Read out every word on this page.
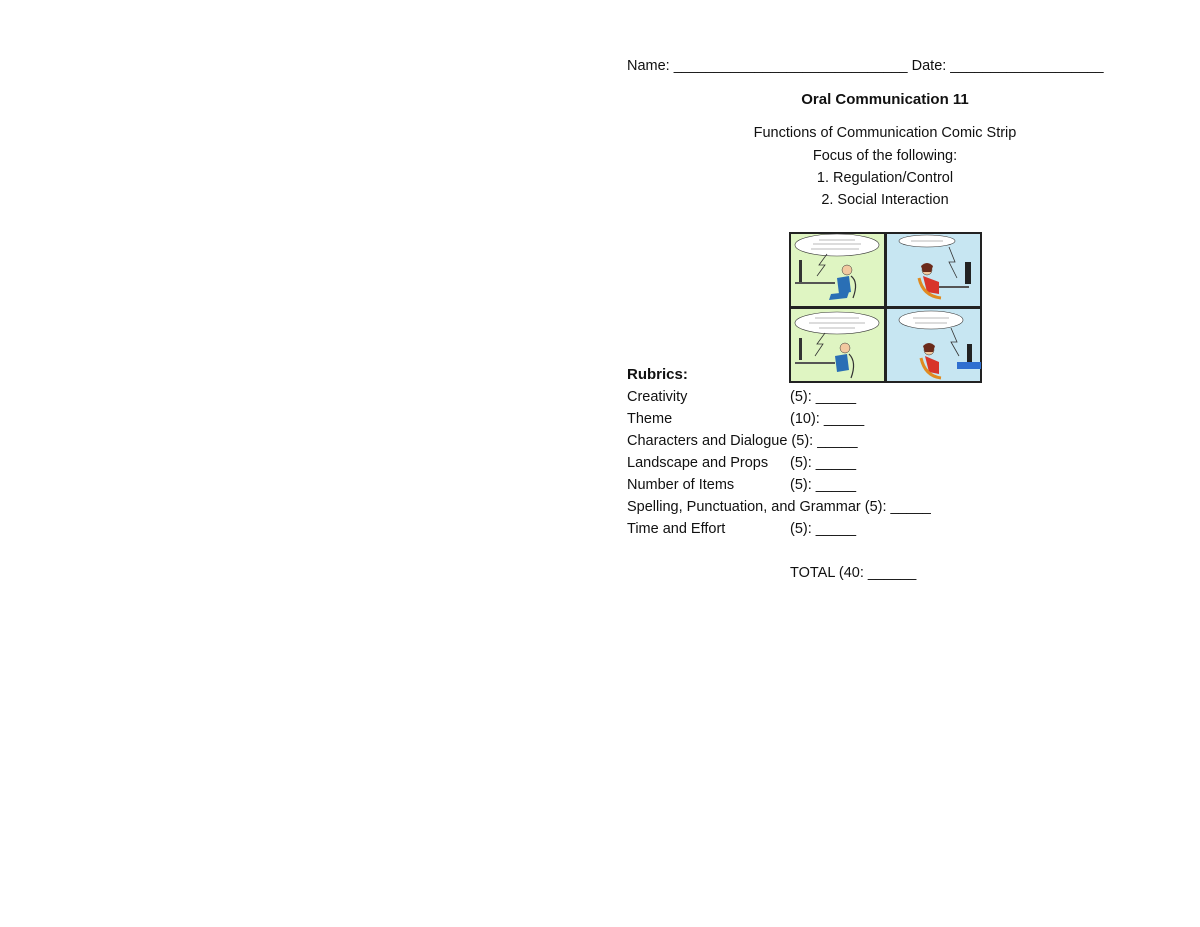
Name: _____________________________ Date: ___________________
Oral Communication 11
Functions of Communication Comic Strip
Focus of the following:
1. Regulation/Control
2. Social Interaction
Rubrics:
Creativity	(5): _____
Theme	(10): _____
Characters and Dialogue (5): _____
Landscape and Props (5): _____
Number of Items	(5): _____
Spelling, Punctuation, and Grammar (5): _____
Time and Effort	(5): _____
TOTAL (40: ______
